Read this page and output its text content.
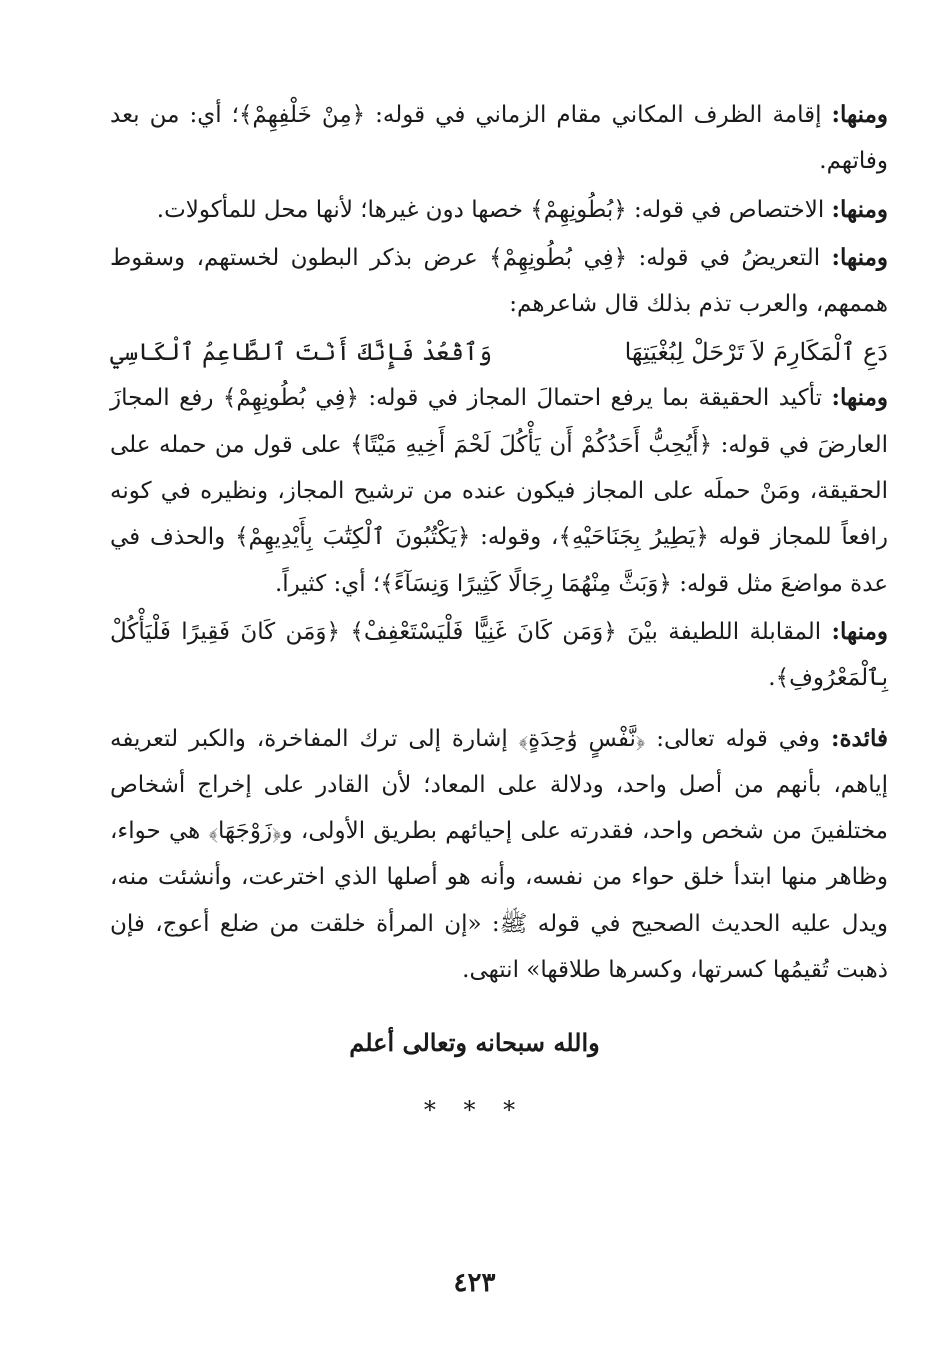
ومنها: إقامة الظرف المكاني مقام الزماني في قوله: ﴿مِنْ خَلْفِهِمْ﴾؛ أي: من بعد وفاتهم.

ومنها: الاختصاص في قوله: ﴿بُطُونِهِمْ﴾ خصها دون غيرها؛ لأنها محل للمأكولات.

ومنها: التعريضُ في قوله: ﴿فِي بُطُونِهِمْ﴾ عرض بذكر البطون لخستهم، وسقوط هممهم، والعرب تذم بذلك قال شاعرهم:

دَعِ ٱلْمَكَارِمَ لاَ تَرْحَلْ لِبُغْيَتِهَا
وَٱقْعُدْ فَإِنَّكَ أَنْتَ ٱلطَّاعِمُ ٱلْكَاسِي

ومنها: تأكيد الحقيقة بما يرفع احتمالَ المجاز في قوله: ﴿فِي بُطُونِهِمْ﴾ رفع المجازَ العارضَ في قوله: ﴿أَيُحِبُّ أَحَدُكُمْ أَن يَأْكُلَ لَحْمَ أَخِيهِ مَيْتًا﴾ على قول من حمله على الحقيقة، ومَنْ حملَه على المجاز فيكون عنده من ترشيح المجاز، ونظيره في كونه رافعاً للمجاز قوله ﴿يَطِيرُ بِجَنَاحَيْهِ﴾، وقوله: ﴿يَكْتُبُونَ ٱلْكِتَٰبَ بِأَيْدِيهِمْ﴾ والحذف في عدة مواضعَ مثل قوله: ﴿وَبَثَّ مِنْهُمَا رِجَالًا كَثِيرًا وَنِسَآءً﴾؛ أي: كثيراً.

ومنها: المقابلة اللطيفة بيْنَ ﴿وَمَن كَانَ غَنِيًّا فَلْيَسْتَعْفِفْ﴾ ﴿وَمَن كَانَ فَقِيرًا فَلْيَأْكُلْ بِٱلْمَعْرُوفِ﴾.

فائدة: وفي قوله تعالى: ﴿نَّفْسٍ وَٰحِدَةٍ﴾ إشارة إلى ترك المفاخرة، والكبر لتعريفه إياهم، بأنهم من أصل واحد، ودلالة على المعاد؛ لأن القادر على إخراج أشخاص مختلفينَ من شخص واحد، فقدرته على إحيائهم بطريق الأولى، و﴿زَوْجَهَا﴾ هي حواء، وظاهر منها ابتدأ خلق حواء من نفسه، وأنه هو أصلها الذي اخترعت، وأنشئت منه، ويدل عليه الحديث الصحيح في قوله ﷺ: «إن المرأة خلقت من ضلع أعوج، فإن ذهبت تُقيمُها كسرتها، وكسرها طلاقها» انتهى.

والله سبحانه وتعالى أعلم
* * *
٤٢٣
